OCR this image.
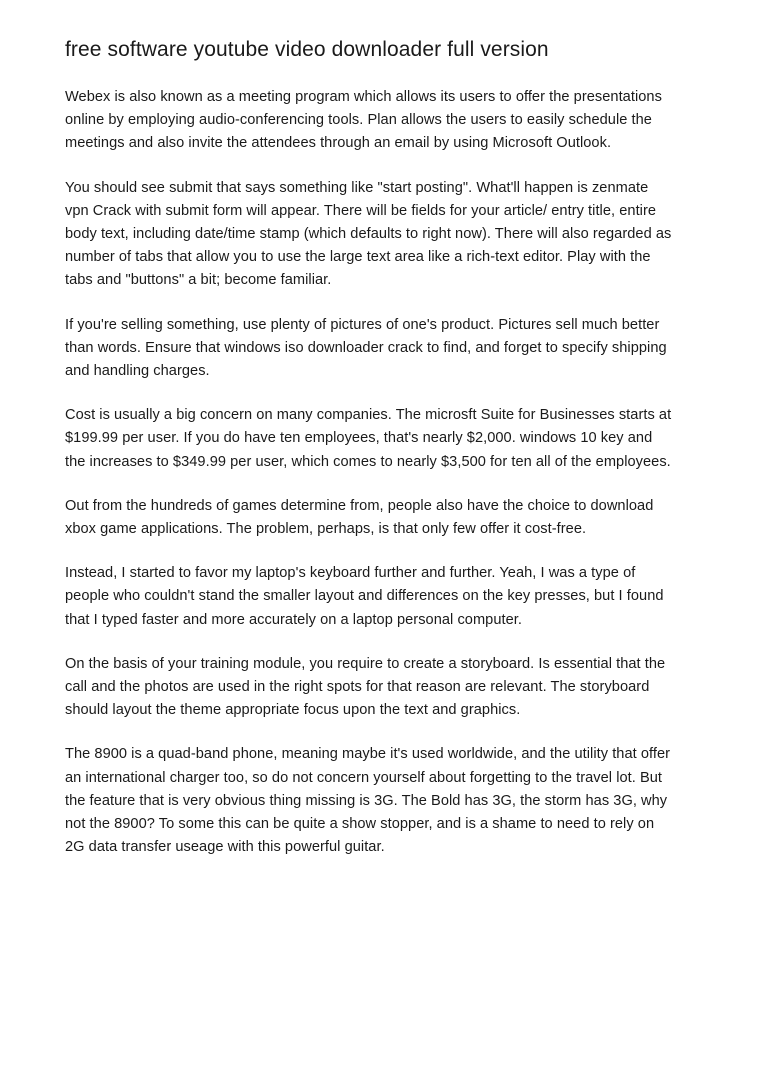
free software youtube video downloader full version

Webex is also known as a meeting program which allows its users to offer the presentations
online by employing audio-conferencing tools. Plan allows the users to easily schedule the
meetings and also invite the attendees through an email by using Microsoft Outlook.

You should see submit that says something like "start posting". What'll happen is zenmate
vpn Crack with submit form will appear. There will be fields for your article/ entry title, entire
body text, including date/time stamp (which defaults to right now). There will also regarded as
number of tabs that allow you to use the large text area like a rich-text editor. Play with the
tabs and "buttons" a bit; become familiar.

If you're selling something, use plenty of pictures of one's product. Pictures sell much better
than words. Ensure that windows iso downloader crack to find, and forget to specify shipping
and handling charges.

Cost is usually a big concern on many companies. The microsft Suite for Businesses starts at
$199.99 per user. If you do have ten employees, that's nearly $2,000. windows 10 key and
the increases to $349.99 per user, which comes to nearly $3,500 for ten all of the employees.

Out from the hundreds of games determine from, people also have the choice to download
xbox game applications. The problem, perhaps, is that only few offer it cost-free.

Instead, I started to favor my laptop's keyboard further and further. Yeah, I was a type of
people who couldn't stand the smaller layout and differences on the key presses, but I found
that I typed faster and more accurately on a laptop personal computer.

On the basis of your training module, you require to create a storyboard. Is essential that the
call and the photos are used in the right spots for that reason are relevant. The storyboard
should layout the theme appropriate focus upon the text and graphics.

The 8900 is a quad-band phone, meaning maybe it's used worldwide, and the utility that offer
an international charger too, so do not concern yourself about forgetting to the travel lot. But
the feature that is very obvious thing missing is 3G. The Bold has 3G, the storm has 3G, why
not the 8900? To some this can be quite a show stopper, and is a shame to need to rely on
2G data transfer useage with this powerful guitar.
